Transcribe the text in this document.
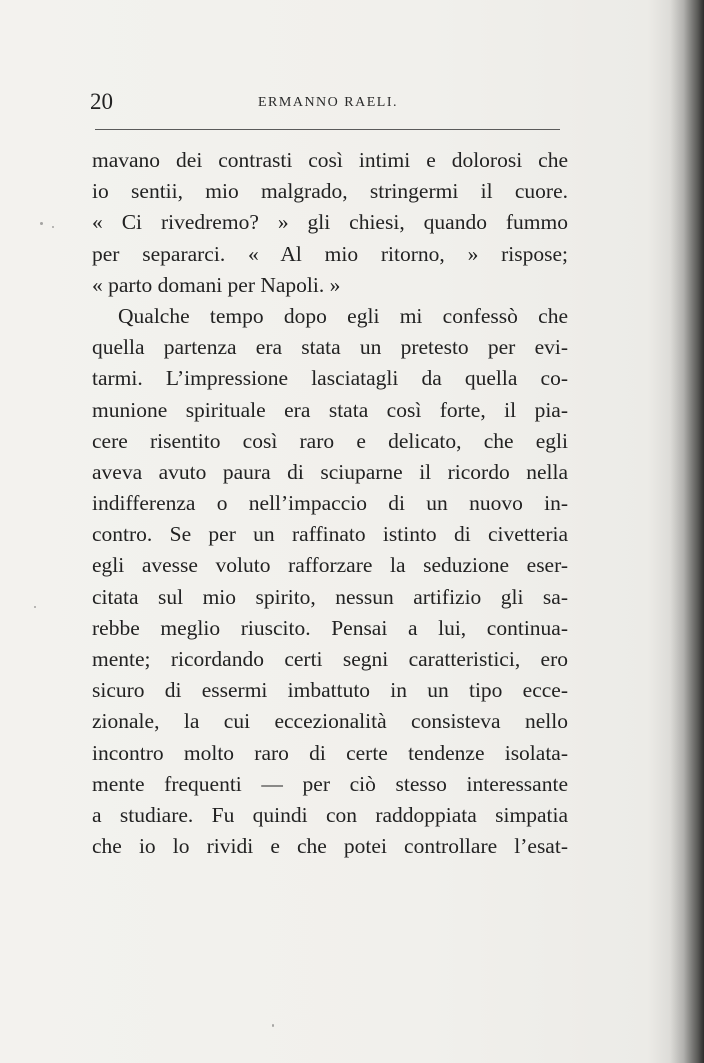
20	ERMANNO RAELI.
mavano dei contrasti così intimi e dolorosi che
io sentii, mio malgrado, stringermi il cuore.
« Ci rivedremo? » gli chiesi, quando fummo
per separarci. « Al mio ritorno, » rispose;
« parto domani per Napoli. »
Qualche tempo dopo egli mi confessò che
quella partenza era stata un pretesto per evi-
tarmi. L’impressione lasciatagli da quella co-
munione spirituale era stata così forte, il pia-
cere risentito così raro e delicato, che egli
aveva avuto paura di sciuparne il ricordo nella
indifferenza o nell’impaccio di un nuovo in-
contro. Se per un raffinato istinto di civetteria
egli avesse voluto rafforzare la seduzione eser-
citata sul mio spirito, nessun artifizio gli sa-
rebbe meglio riuscito. Pensai a lui, continua-
mente; ricordando certi segni caratteristici, ero
sicuro di essermi imbattuto in un tipo ecce-
zionale, la cui eccezionalità consisteva nello
incontro molto raro di certe tendenze isolata-
mente frequenti — per ciò stesso interessante
a studiare. Fu quindi con raddoppiata simpatia
che io lo rividi e che potei controllare l’esat-
